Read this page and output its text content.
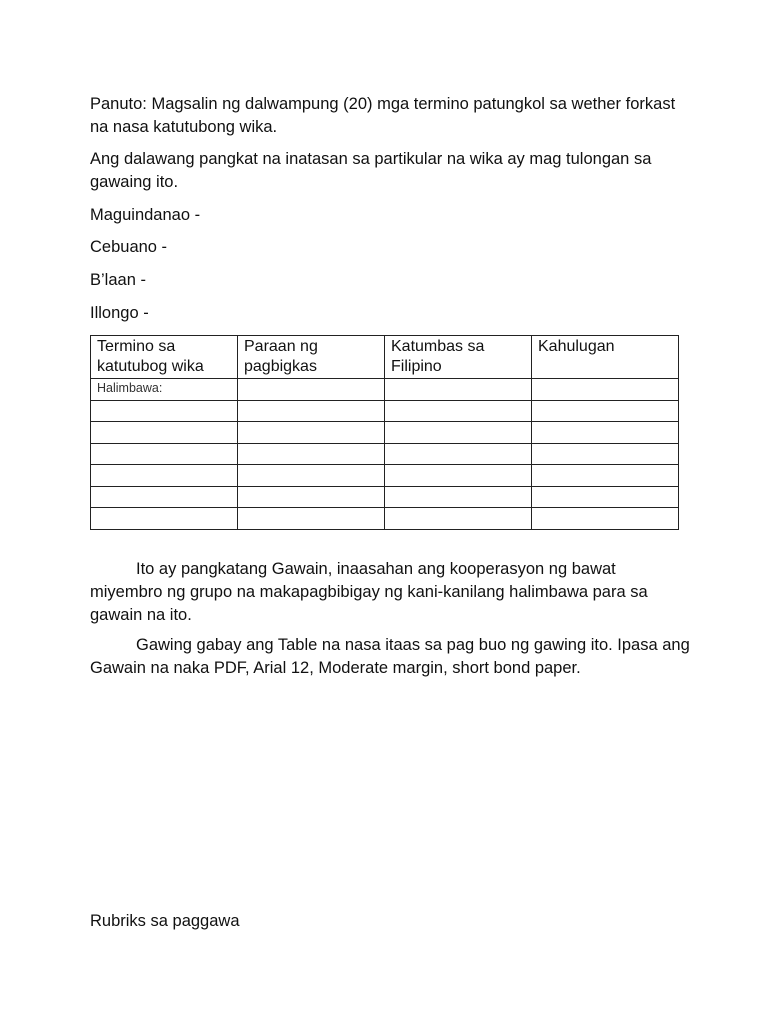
Panuto: Magsalin ng dalwampung (20) mga termino patungkol sa wether forkast na nasa katutubong wika.

Ang dalawang pangkat na inatasan sa partikular na wika ay mag tulongan sa gawaing ito.

Maguindanao -

Cebuano -

B’laan -

Illongo -

Termino sa katutubog wika	Paraan ng pagbigkas	Katumbas sa Filipino	Kahulugan
Halimbawa:			

Ito ay pangkatang Gawain, inaasahan ang kooperasyon ng bawat miyembro ng grupo na makapagbibigay ng kani-kanilang halimbawa para sa gawain na ito.

Gawing gabay ang Table na nasa itaas sa pag buo ng gawing ito. Ipasa ang Gawain na naka PDF, Arial 12, Moderate margin, short bond paper.

Rubriks sa paggawa
